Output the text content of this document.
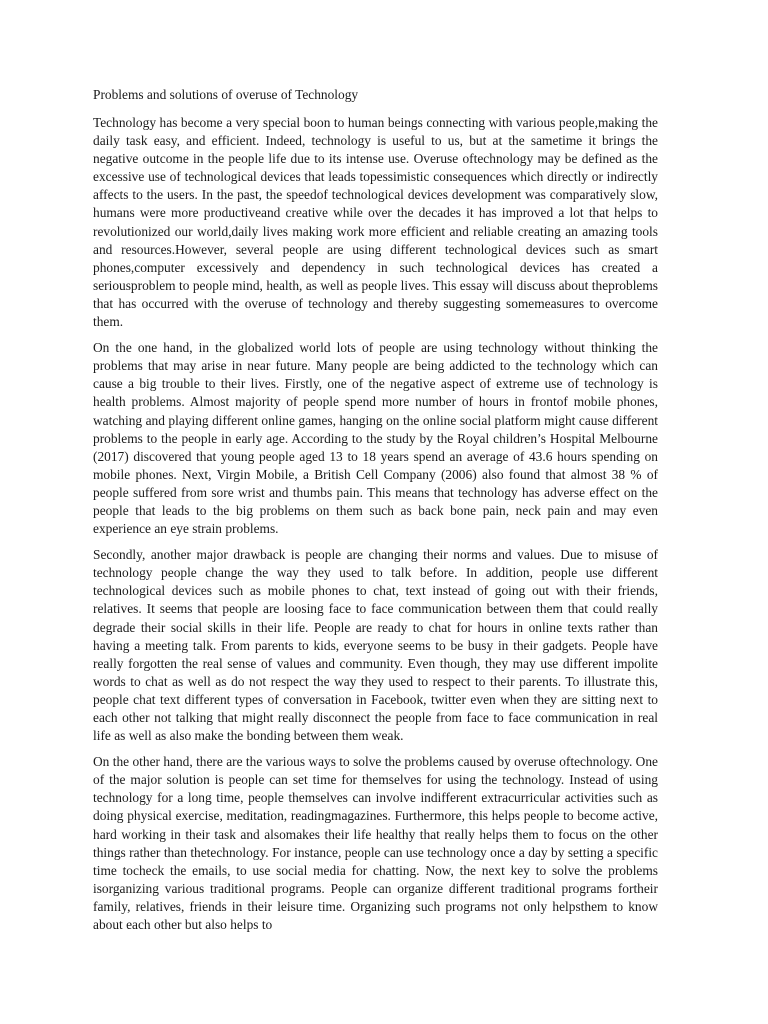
Problems and solutions of overuse of Technology

Technology has become a very special boon to human beings connecting with various people,making the daily task easy, and efficient. Indeed, technology is useful to us, but at the sametime it brings the negative outcome in the people life due to its intense use. Overuse oftechnology may be defined as the excessive use of technological devices that leads topessimistic consequences which directly or indirectly affects to the users. In the past, the speedof technological devices development was comparatively slow, humans were more productiveand creative while over the decades it has improved a lot that helps to revolutionized our world,daily lives making work more efficient and reliable creating an amazing tools and resources.However, several people are using different technological devices such as smart phones,computer excessively and dependency in such technological devices has created a seriousproblem to people mind, health, as well as people lives. This essay will discuss about theproblems that has occurred with the overuse of technology and thereby suggesting somemeasures to overcome them.

On the one hand, in the globalized world lots of people are using technology without thinking the problems that may arise in near future. Many people are being addicted to the technology which can cause a big trouble to their lives. Firstly, one of the negative aspect of extreme use of technology is health problems. Almost majority of people spend more number of hours in frontof mobile phones, watching and playing different online games, hanging on the online social platform might cause different problems to the people in early age. According to the study by the Royal children’s Hospital Melbourne (2017) discovered that young people aged 13 to 18 years spend an average of 43.6 hours spending on mobile phones. Next, Virgin Mobile, a British Cell Company (2006) also found that almost 38 % of people suffered from sore wrist and thumbs pain. This means that technology has adverse effect on the people that leads to the big problems on them such as back bone pain, neck pain and may even experience an eye strain problems.

Secondly, another major drawback is people are changing their norms and values. Due to misuse of technology people change the way they used to talk before. In addition, people use different technological devices such as mobile phones to chat, text instead of going out with their friends, relatives. It seems that people are loosing face to face communication between them that could really degrade their social skills in their life. People are ready to chat for hours in online texts rather than having a meeting talk. From parents to kids, everyone seems to be busy in their gadgets. People have really forgotten the real sense of values and community. Even though, they may use different impolite words to chat as well as do not respect the way they used to respect to their parents. To illustrate this, people chat text different types of conversation in Facebook, twitter even when they are sitting next to each other not talking that might really disconnect the people from face to face communication in real life as well as also make the bonding between them weak.

On the other hand, there are the various ways to solve the problems caused by overuse oftechnology. One of the major solution is people can set time for themselves for using the technology. Instead of using technology for a long time, people themselves can involve indifferent extracurricular activities such as doing physical exercise, meditation, readingmagazines. Furthermore, this helps people to become active, hard working in their task and alsomakes their life healthy that really helps them to focus on the other things rather than thetechnology. For instance, people can use technology once a day by setting a specific time tocheck the emails, to use social media for chatting. Now, the next key to solve the problems isorganizing various traditional programs. People can organize different traditional programs fortheir family, relatives, friends in their leisure time. Organizing such programs not only helpsthem to know about each other but also helps to
